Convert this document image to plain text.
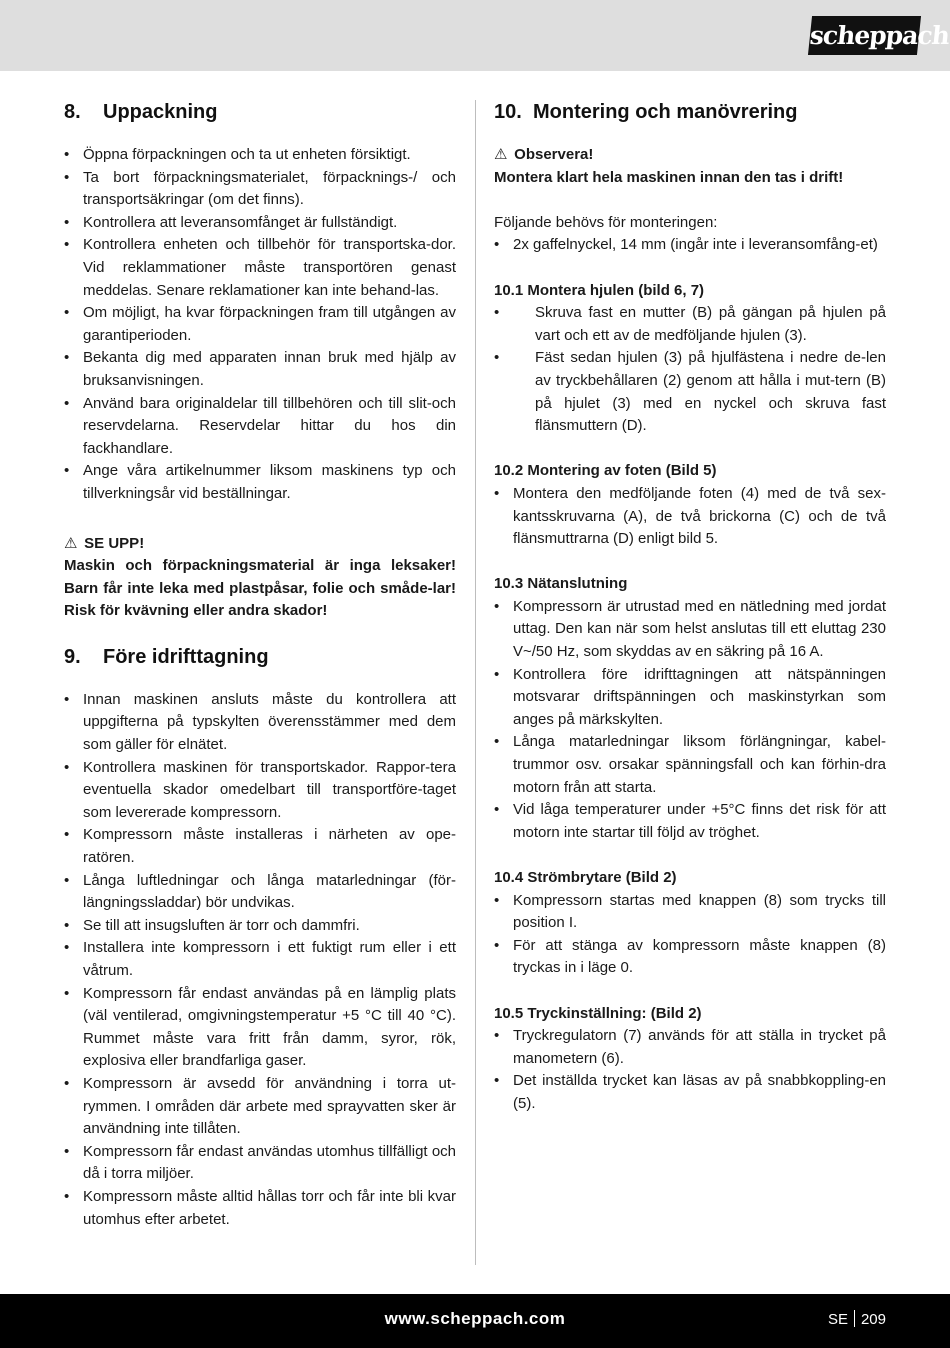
scheppach
8.	Uppackning
• Öppna förpackningen och ta ut enheten försiktigt.
• Ta bort förpackningsmaterialet, förpacknings-/ och transportsäkringar (om det finns).
• Kontrollera att leveransomfånget är fullständigt.
• Kontrollera enheten och tillbehör för transportska-dor. Vid reklammationer måste transportören genast meddelas. Senare reklamationer kan inte behand-las.
• Om möjligt, ha kvar förpackningen fram till utgången av garantiperioden.
• Bekanta dig med apparaten innan bruk med hjälp av bruksanvisningen.
• Använd bara originaldelar till tillbehören och till slit-och reservdelarna. Reservdelar hittar du hos din fackhandlare.
• Ange våra artikelnummer liksom maskinens typ och tillverkningsår vid beställningar.
⚠ SE UPP!
Maskin och förpackningsmaterial är inga leksaker! Barn får inte leka med plastpåsar, folie och småde-lar! Risk för kvävning eller andra skador!
9.	Före idrifttagning
• Innan maskinen ansluts måste du kontrollera att uppgifterna på typskylten överensstämmer med dem som gäller för elnätet.
• Kontrollera maskinen för transportskador. Rappor-tera eventuella skador omedelbart till transportföre-taget som levererade kompressorn.
• Kompressorn måste installeras i närheten av ope-ratören.
• Långa luftledningar och långa matarledningar (för-längningssladdar) bör undvikas.
• Se till att insugsluften är torr och dammfri.
• Installera inte kompressorn i ett fuktigt rum eller i ett våtrum.
• Kompressorn får endast användas på en lämplig plats (väl ventilerad, omgivningstemperatur +5 °C till 40 °C). Rummet måste vara fritt från damm, syror, rök, explosiva eller brandfarliga gaser.
• Kompressorn är avsedd för användning i torra ut-rymmen. I områden där arbete med sprayvatten sker är användning inte tillåten.
• Kompressorn får endast användas utomhus tillfälligt och då i torra miljöer.
• Kompressorn måste alltid hållas torr och får inte bli kvar utomhus efter arbetet.
10. Montering och manövrering
⚠ Observera!
Montera klart hela maskinen innan den tas i drift!
Följande behövs för monteringen:
• 2x gaffelnyckel, 14 mm (ingår inte i leveransomfång-et)
10.1 Montera hjulen (bild 6, 7)
• Skruva fast en mutter (B) på gängan på hjulen på vart och ett av de medföljande hjulen (3).
• Fäst sedan hjulen (3) på hjulfästena i nedre de-len av tryckbehållaren (2) genom att hålla i mut-tern (B) på hjulet (3) med en nyckel och skruva fast flänsmuttern (D).
10.2 Montering av foten (Bild 5)
• Montera den medföljande foten (4) med de två sex-kantsskruvarna (A), de två brickorna (C) och de två flänsmuttrarna (D) enligt bild 5.
10.3 Nätanslutning
• Kompressorn är utrustad med en nätledning med jordat uttag. Den kan när som helst anslutas till ett eluttag 230 V~/50 Hz, som skyddas av en säkring på 16 A.
• Kontrollera före idrifttagningen att nätspänningen motsvarar driftspänningen och maskinstyrkan som anges på märkskylten.
• Långa matarledningar liksom förlängningar, kabel-trummor osv. orsakar spänningsfall och kan förhin-dra motorn från att starta.
• Vid låga temperaturer under +5°C finns det risk för att motorn inte startar till följd av tröghet.
10.4 Strömbrytare (Bild 2)
• Kompressorn startas med knappen (8) som trycks till position I.
• För att stänga av kompressorn måste knappen (8) tryckas in i läge 0.
10.5 Tryckinställning: (Bild 2)
• Tryckregulatorn (7) används för att ställa in trycket på manometern (6).
• Det inställda trycket kan läsas av på snabbkoppling-en (5).
www.scheppach.com	SE 209
